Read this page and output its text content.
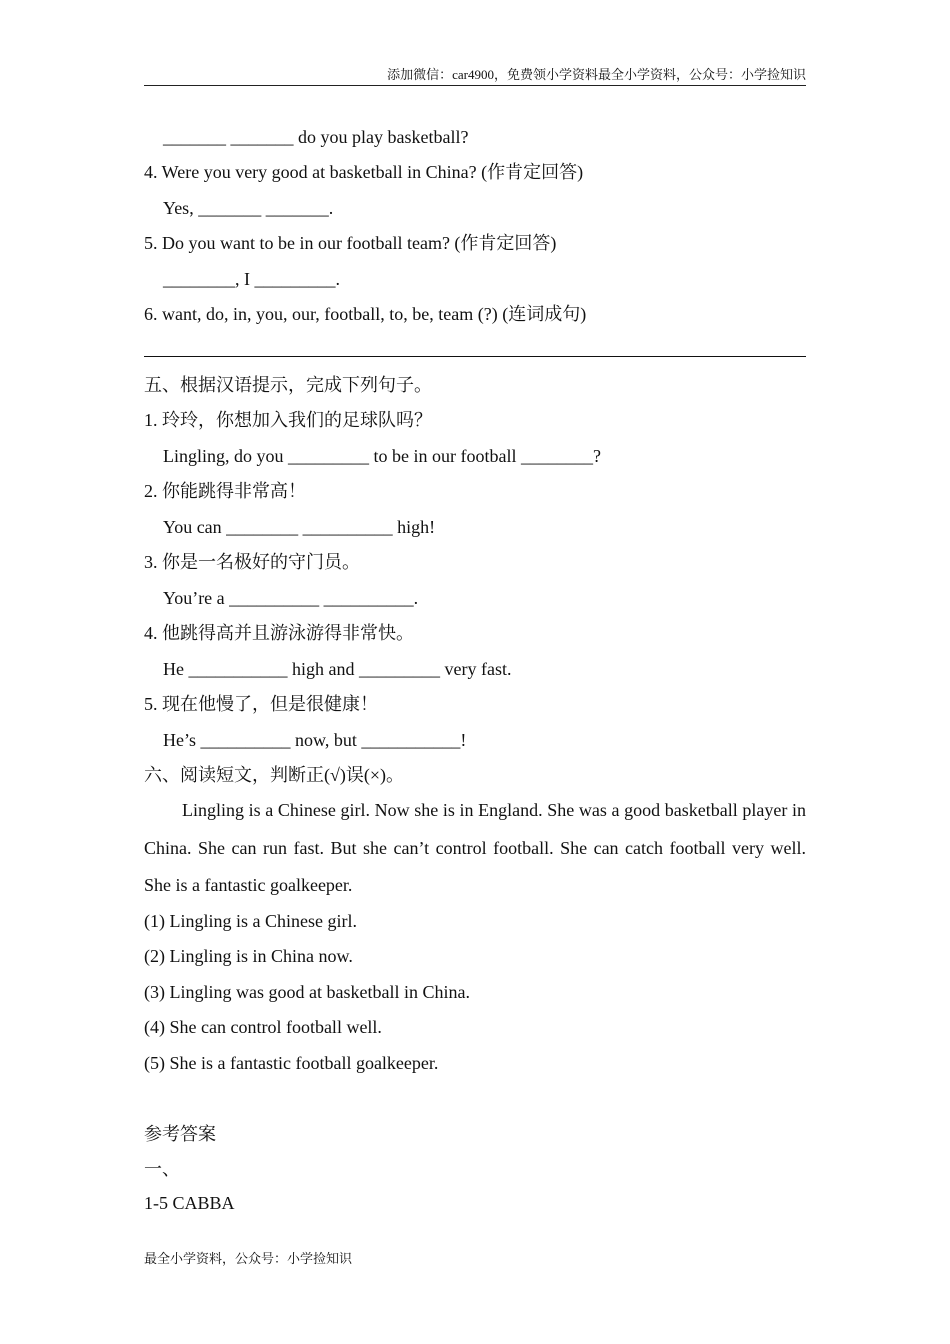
添加微信：car4900，免费领小学资料最全小学资料，公众号：小学捡知识
_______ _______ do you play basketball?
4. Were you very good at basketball in China? (作肯定回答)
Yes, _______ _______.
5. Do you want to be in our football team? (作肯定回答)
________, I _________.
6. want, do, in, you, our, football, to, be, team (?) (连词成句)
五、根据汉语提示，完成下列句子。
1. 玲玲，你想加入我们的足球队吗？
Lingling, do you _________ to be in our football ________?
2. 你能跳得非常高！
You can ________ __________ high!
3. 你是一名极好的守门员。
You’re a __________ __________.
4. 他跳得高并且游泳游得非常快。
He ___________ high and _________ very fast.
5. 现在他慢了，但是很健康！
He’s __________ now, but ___________!
六、阅读短文，判断正(√)误(×)。
Lingling is a Chinese girl. Now she is in England. She was a good basketball player in China. She can run fast. But she can’t control football. She can catch football very well. She is a fantastic goalkeeper.
(1) Lingling is a Chinese girl.
(2) Lingling is in China now.
(3) Lingling was good at basketball in China.
(4) She can control football well.
(5) She is a fantastic football goalkeeper.
参考答案
一、
1-5 CABBA
最全小学资料，公众号：小学捡知识
